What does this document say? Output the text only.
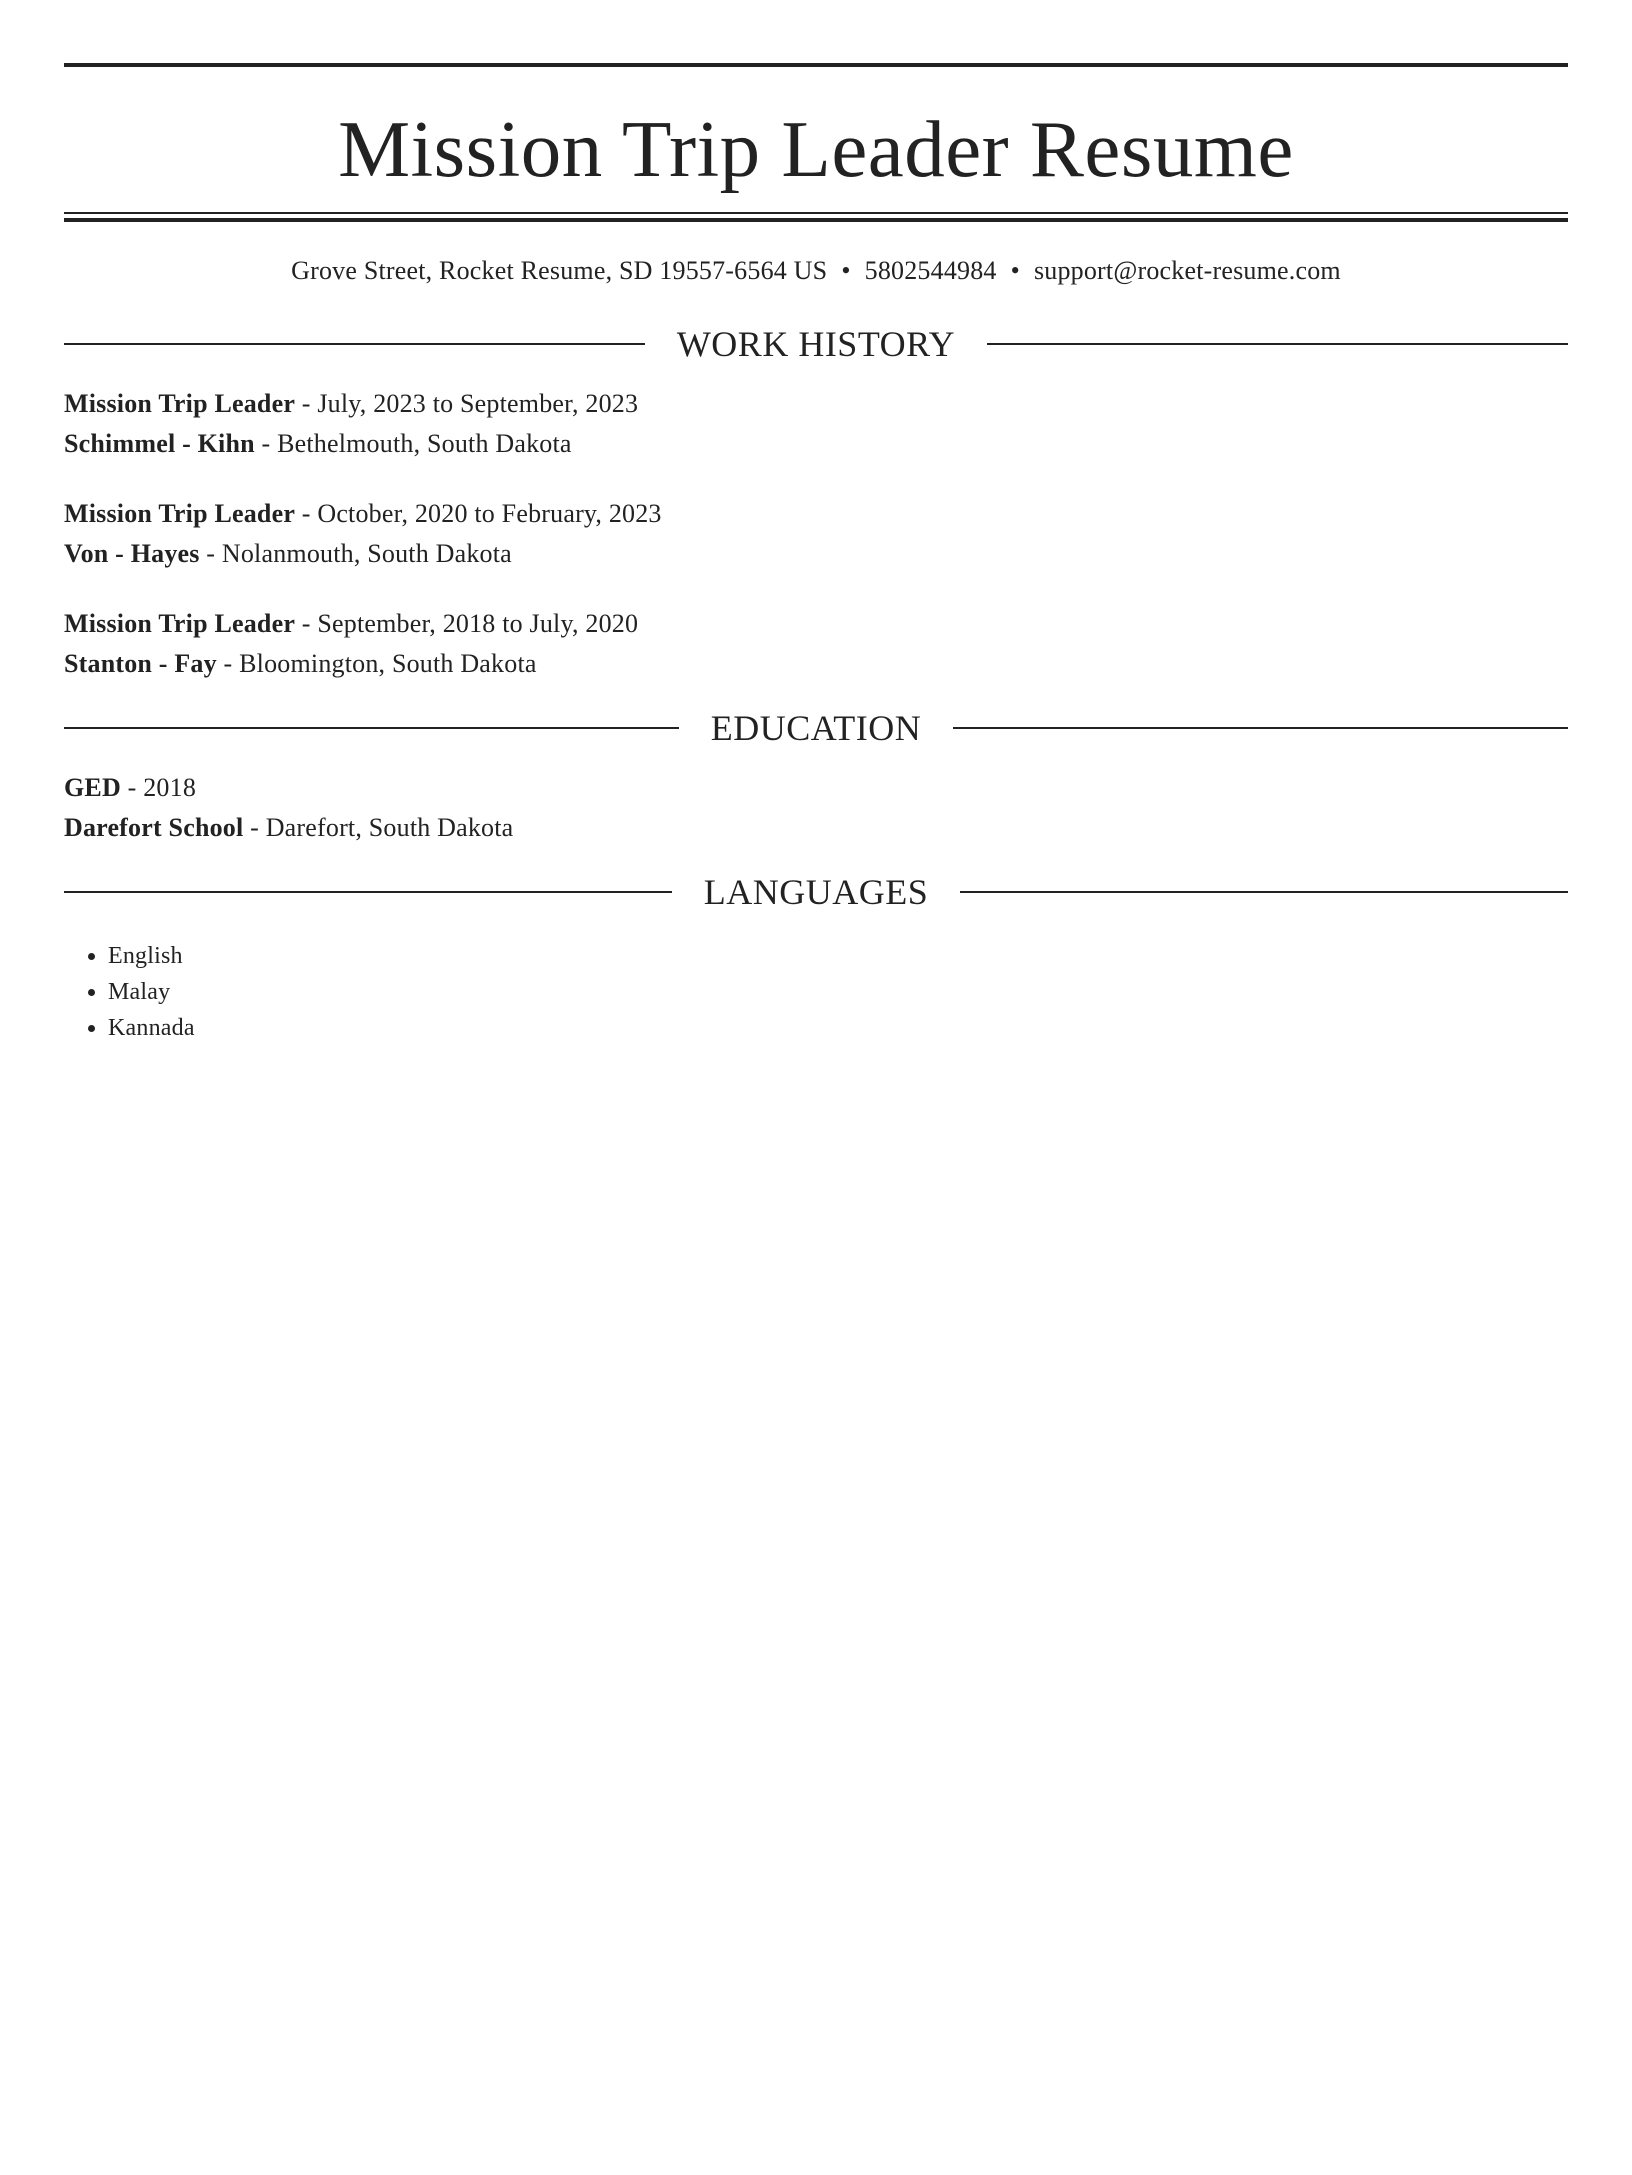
Mission Trip Leader Resume
Grove Street, Rocket Resume, SD 19557-6564 US • 5802544984 • support@rocket-resume.com
WORK HISTORY
Mission Trip Leader - July, 2023 to September, 2023
Schimmel - Kihn - Bethelmouth, South Dakota
Mission Trip Leader - October, 2020 to February, 2023
Von - Hayes - Nolanmouth, South Dakota
Mission Trip Leader - September, 2018 to July, 2020
Stanton - Fay - Bloomington, South Dakota
EDUCATION
GED - 2018
Darefort School - Darefort, South Dakota
LANGUAGES
• English
• Malay
• Kannada
